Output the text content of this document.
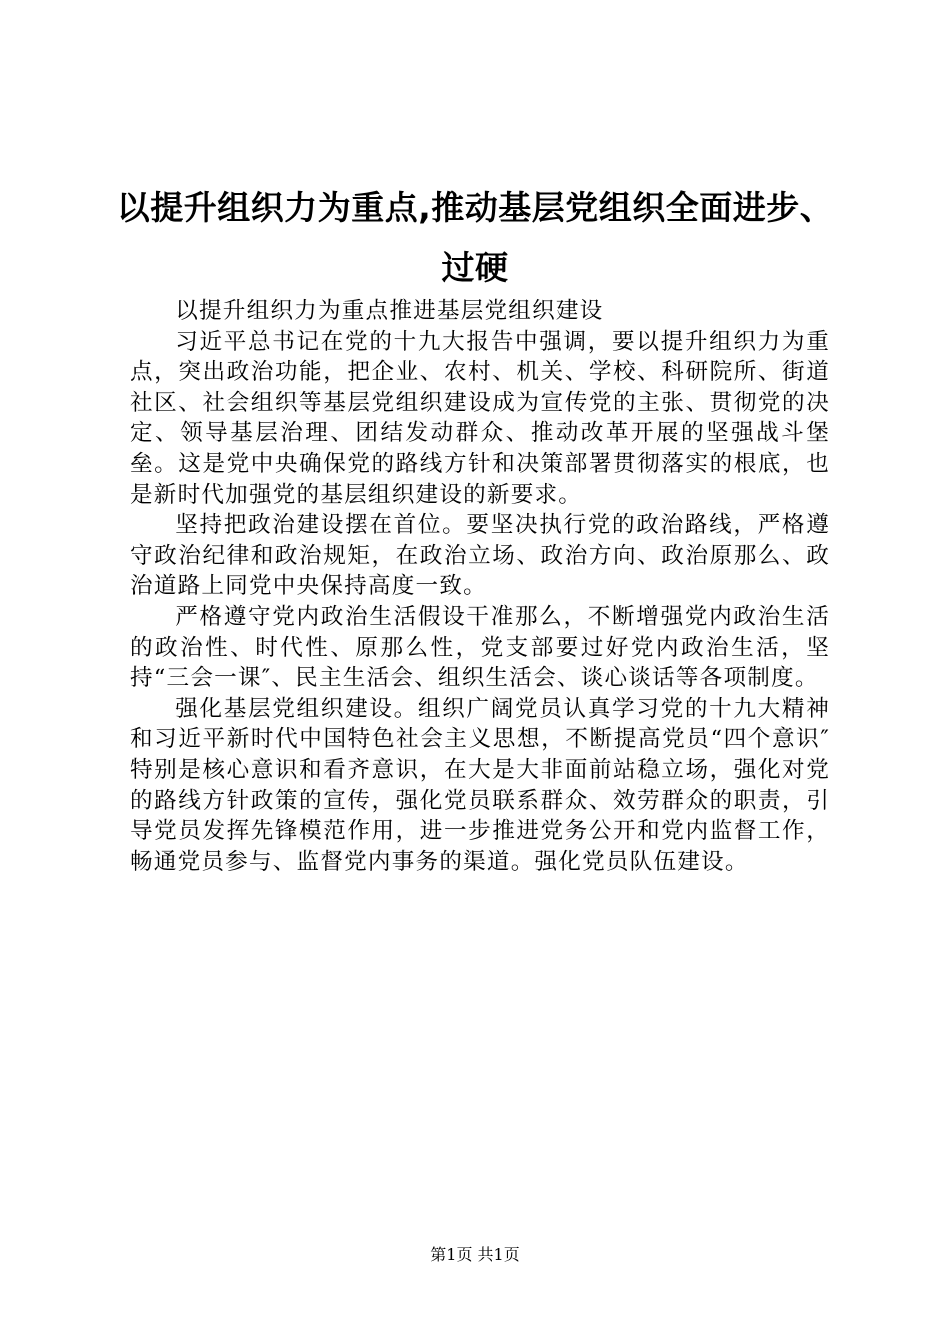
以提升组织力为重点,推动基层党组织全面进步、过硬

以提升组织力为重点推进基层党组织建设

习近平总书记在党的十九大报告中强调，要以提升组织力为重点，突出政治功能，把企业、农村、机关、学校、科研院所、街道社区、社会组织等基层党组织建设成为宣传党的主张、贯彻党的决定、领导基层治理、团结发动群众、推动改革开展的坚强战斗堡垒。这是党中央确保党的路线方针和决策部署贯彻落实的根底，也是新时代加强党的基层组织建设的新要求。

坚持把政治建设摆在首位。要坚决执行党的政治路线，严格遵守政治纪律和政治规矩，在政治立场、政治方向、政治原那么、政治道路上同党中央保持高度一致。

严格遵守党内政治生活假设干准那么，不断增强党内政治生活的政治性、时代性、原那么性，党支部要过好党内政治生活，坚持“三会一课″、民主生活会、组织生活会、谈心谈话等各项制度。

强化基层党组织建设。组织广阔党员认真学习党的十九大精神和习近平新时代中国特色社会主义思想，不断提高党员“四个意识″特别是核心意识和看齐意识，在大是大非面前站稳立场，强化对党的路线方针政策的宣传，强化党员联系群众、效劳群众的职责，引导党员发挥先锋模范作用，进一步推进党务公开和党内监督工作，畅通党员参与、监督党内事务的渠道。强化党员队伍建设。

第1页 共1页
